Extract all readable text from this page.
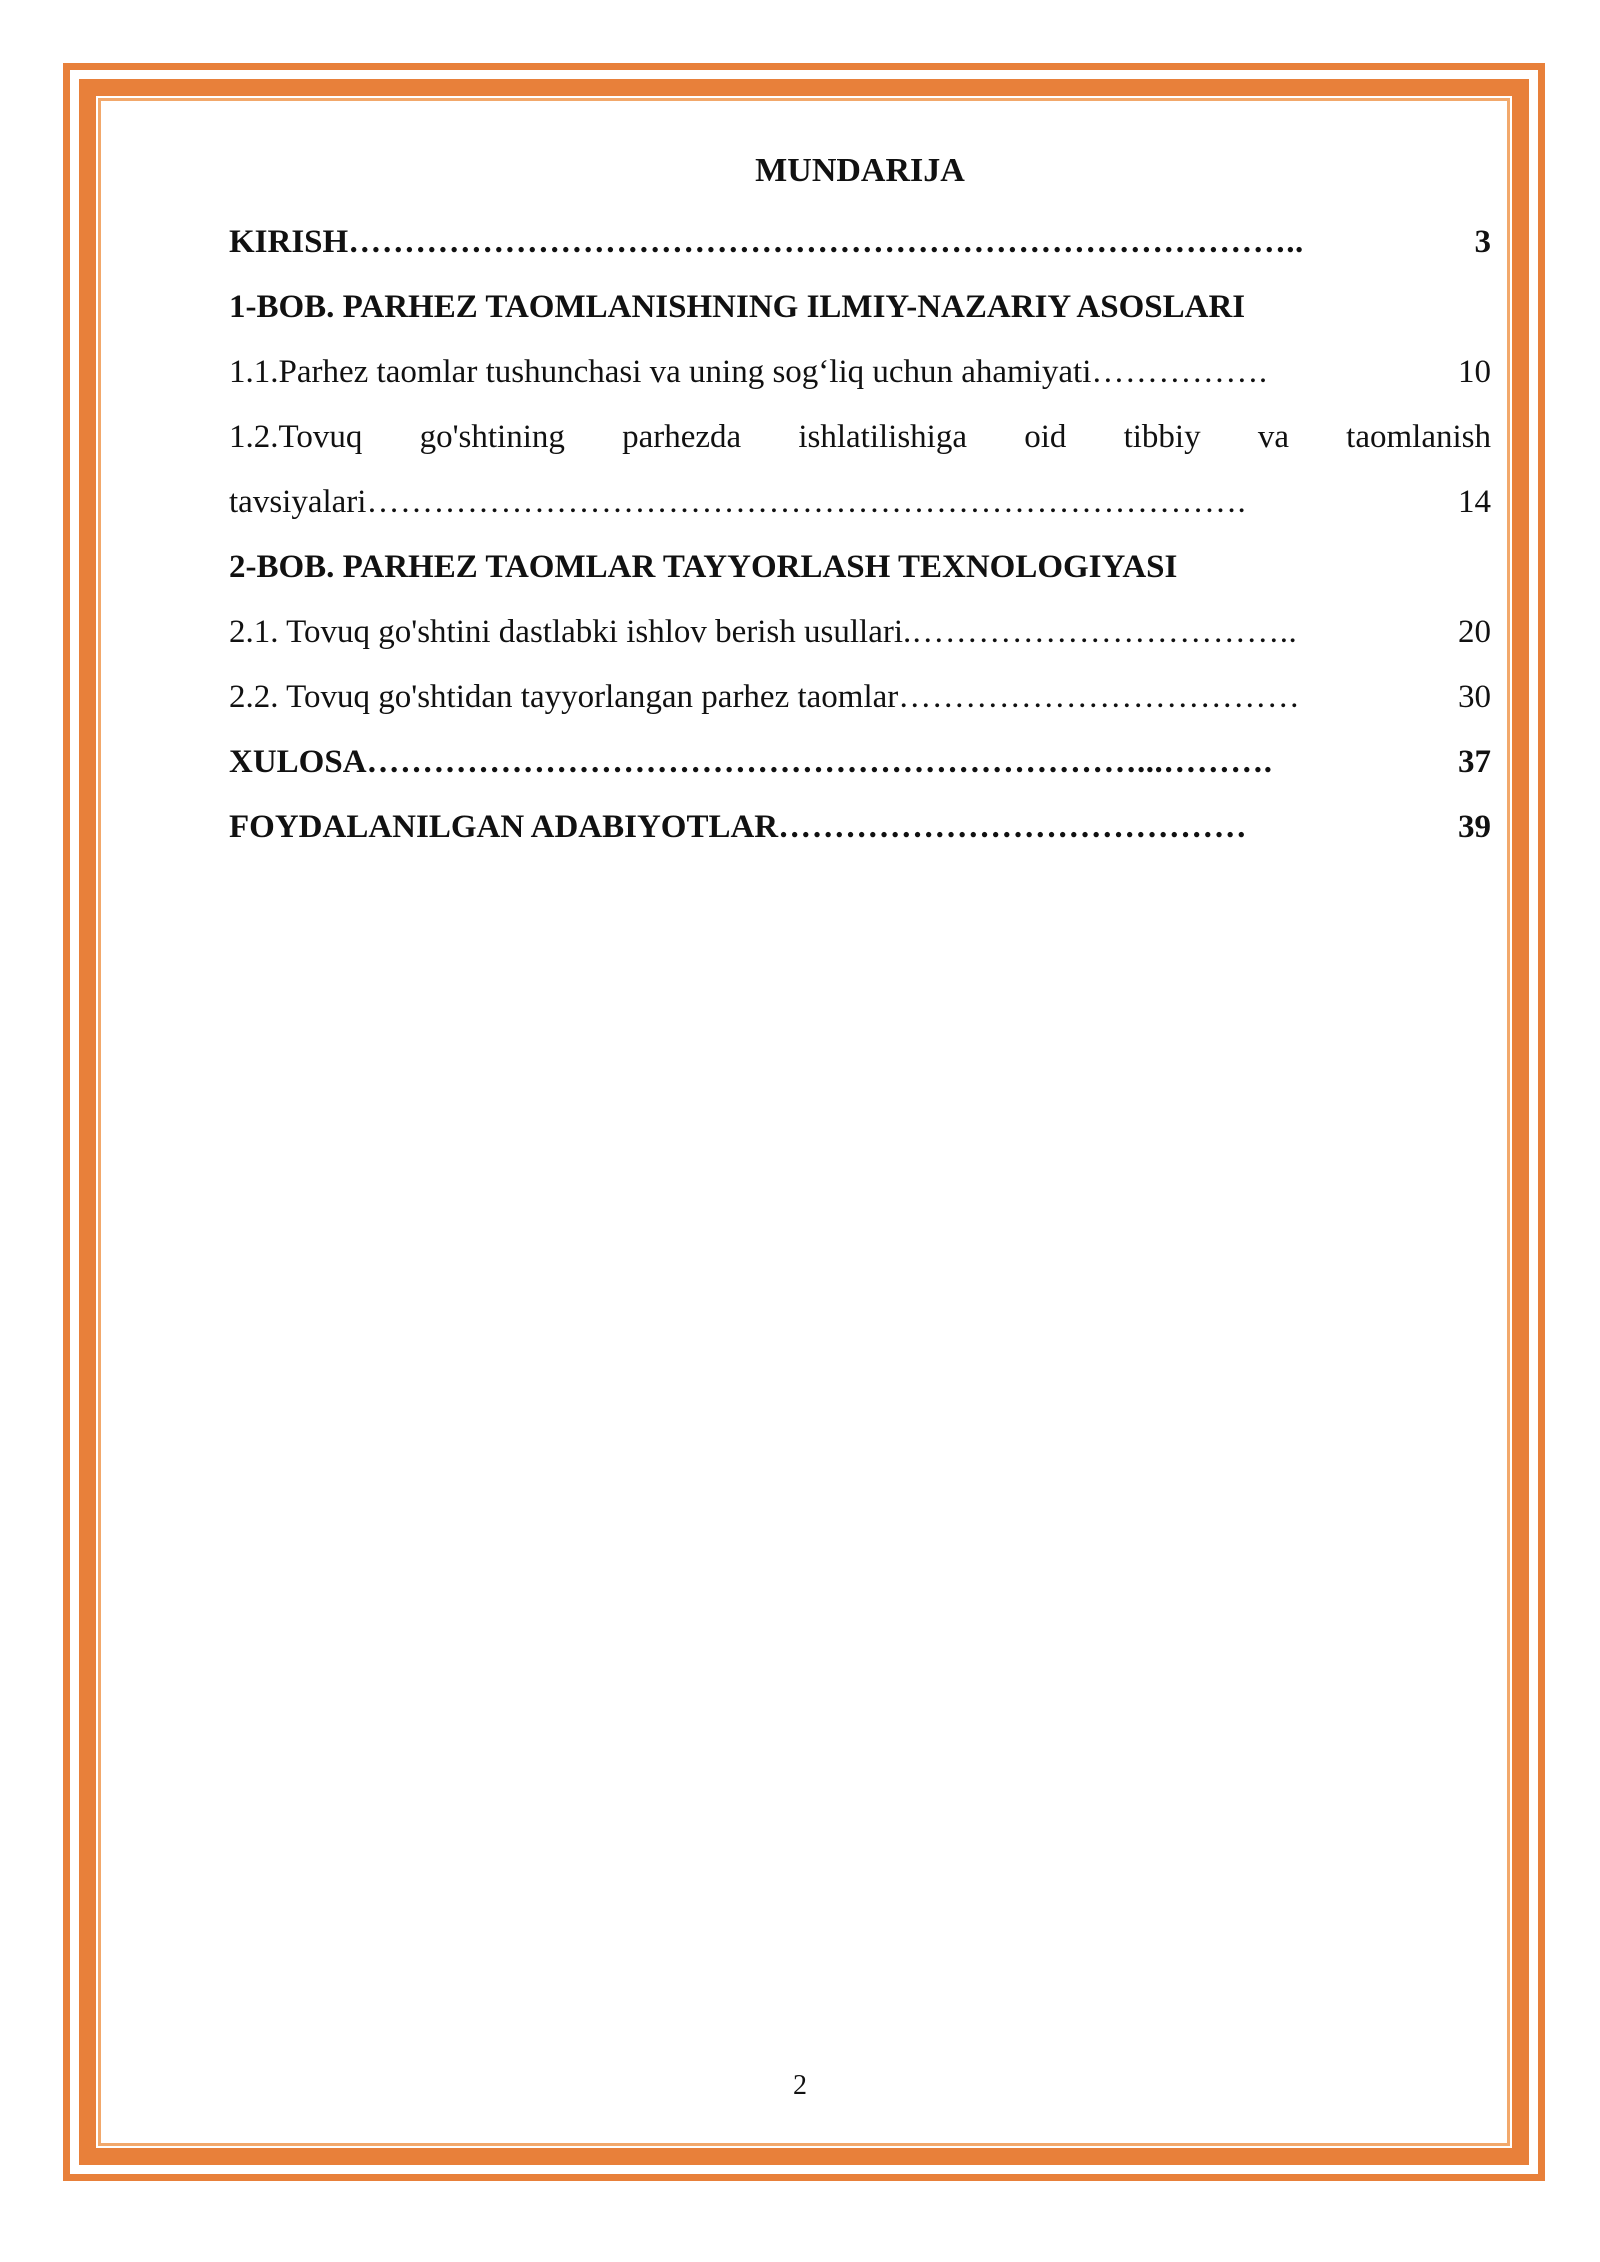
MUNDARIJA
KIRISH …………………………………………………………………………..	3
1-BOB. PARHEZ TAOMLANISHNING ILMIY-NAZARIY ASOSLARI
1.1.Parhez taomlar tushunchasi va uning sog‘liq uchun ahamiyati …………….	10
1.2.Tovuq go'shtining parhezda ishlatilishiga oid tibbiy va taomlanish
tavsiyalari …………………………………………………………………….	14
2-BOB. PARHEZ TAOMLAR TAYYORLASH TEXNOLOGIYASI
2.1. Tovuq go'shtini dastlabki ishlov berish usullari. ……………………………..	20
2.2. Tovuq go'shtidan tayyorlangan parhez taomlar ………………………………	30
XULOSA ……………………………………………………………...……….	37
FOYDALANILGAN ADABIYOTLAR ……………………………………	39
2
